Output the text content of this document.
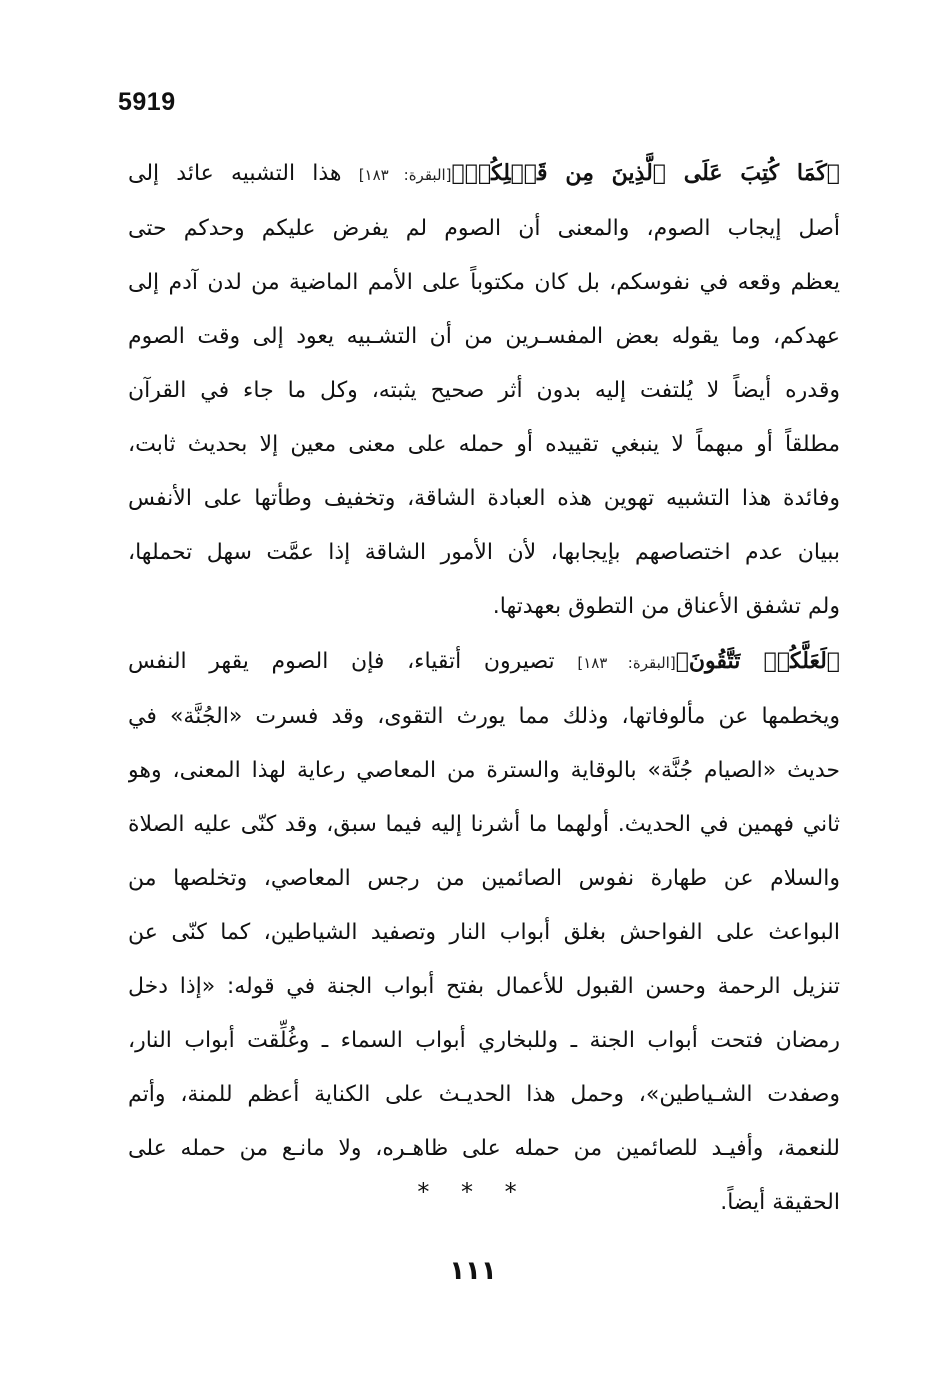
5919

﴿كَمَا كُتِبَ عَلَى ٱلَّذِينَ مِن قَبۡلِكُمۡ﴾[البقرة: ١٨٣] هذا التشبيه عائد إلى
أصل إيجاب الصوم، والمعنى أن الصوم لم يفرض عليكم وحدكم حتى
يعظم وقعه في نفوسكم، بل كان مكتوباً على الأمم الماضية من لدن آدم إلى
عهدكم، وما يقوله بعض المفسـرين من أن التشـبيه يعود إلى وقت الصوم
وقدره أيضاً لا يُلتفت إليه بدون أثر صحيح يثبته، وكل ما جاء في القرآن
مطلقاً أو مبهماً لا ينبغي تقييده أو حمله على معنى معين إلا بحديث ثابت،
وفائدة هذا التشبيه تهوين هذه العبادة الشاقة، وتخفيف وطأتها على الأنفس
ببيان عدم اختصاصهم بإيجابها، لأن الأمور الشاقة إذا عمَّت سهل تحملها،
ولم تشفق الأعناق من التطوق بعهدتها.

﴿لَعَلَّكُمۡ تَتَّقُونَ﴾[البقرة: ١٨٣] تصيرون أتقياء، فإن الصوم يقهر النفس
ويخطمها عن مألوفاتها، وذلك مما يورث التقوى، وقد فسرت «الجُنَّة» في
حديث «الصيام جُنَّة» بالوقاية والسترة من المعاصي رعاية لهذا المعنى، وهو
ثاني فهمين في الحديث. أولهما ما أشرنا إليه فيما سبق، وقد كنّى عليه الصلاة
والسلام عن طهارة نفوس الصائمين من رجس المعاصي، وتخلصها من
البواعث على الفواحش بغلق أبواب النار وتصفيد الشياطين، كما كنّى عن
تنزيل الرحمة وحسن القبول للأعمال بفتح أبواب الجنة في قوله: «إذا دخل
رمضان فتحت أبواب الجنة ـ وللبخاري أبواب السماء ـ وغُلِّقت أبواب النار،
وصفدت الشـياطين»، وحمل هذا الحديـث على الكناية أعظم للمنة، وأتم
للنعمة، وأفيـد للصائمين من حمله على ظاهـره، ولا مانـع من حمله على
الحقيقة أيضاً.

* * *
١١١
